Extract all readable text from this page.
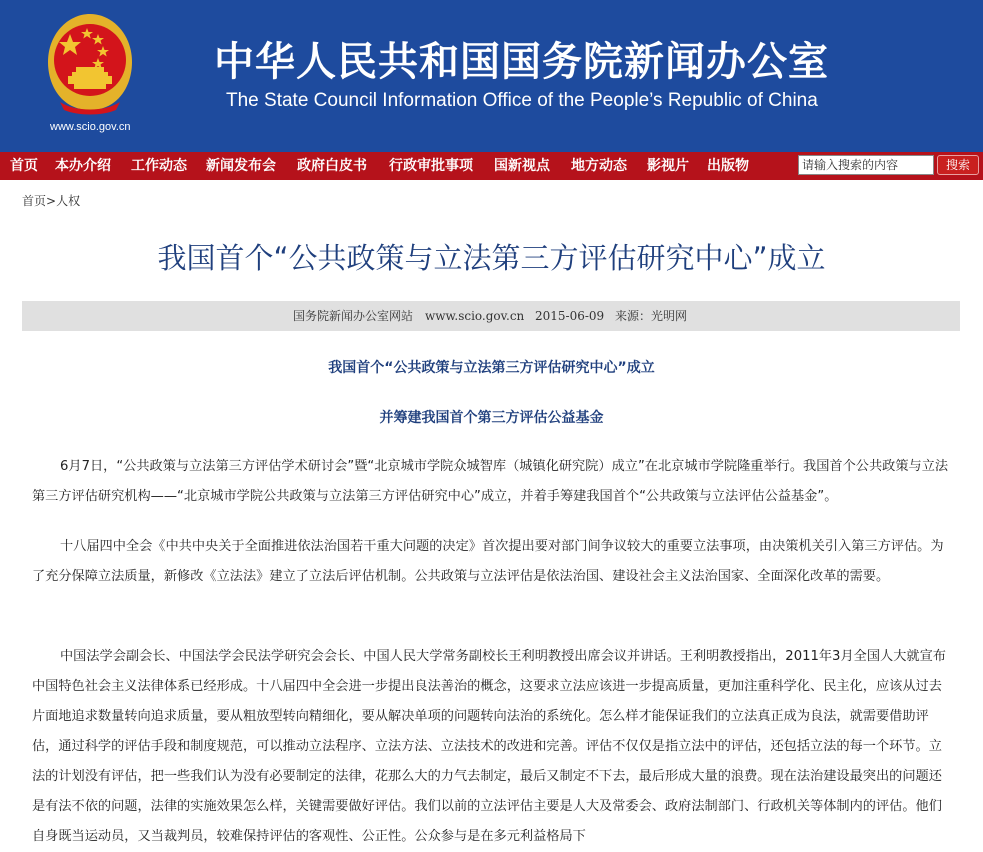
www.scio.gov.cn
中华人民共和国国务院新闻办公室
The State Council Information Office of the People’s Republic of China
首页 本办介绍 工作动态 新闻发布会 政府白皮书 行政审批事项 国新视点 地方动态 影视片 出版物	请输入搜索的内容	搜索
首页>人权
我国首个“公共政策与立法第三方评估研究中心”成立
国务院新闻办公室网站 www.scio.gov.cn 2015-06-09 来源：光明网
我国首个“公共政策与立法第三方评估研究中心”成立
并筹建我国首个第三方评估公益基金

6月7日，“公共政策与立法第三方评估学术研讨会”暨“北京城市学院众城智库（城镇化研究院）成立”在北京城市学院隆重举行。我国首个公共政策与立法第三方评估研究机构——“北京城市学院公共政策与立法第三方评估研究中心”成立，并着手筹建我国首个“公共政策与立法评估公益基金”。

十八届四中全会《中共中央关于全面推进依法治国若干重大问题的决定》首次提出要对部门间争议较大的重要立法事项，由决策机关引入第三方评估。为了充分保障立法质量，新修改《立法法》建立了立法后评估机制。公共政策与立法评估是依法治国、建设社会主义法治国家、全面深化改革的需要。

中国法学会副会长、中国法学会民法学研究会会长、中国人民大学常务副校长王利明教授出席会议并讲话。王利明教授指出，2011年3月全国人大就宣布中国特色社会主义法律体系已经形成。十八届四中全会进一步提出良法善治的概念，这要求立法应该进一步提高质量，更加注重科学化、民主化，应该从过去片面地追求数量转向追求质量，要从粗放型转向精细化，要从解决单项的问题转向法治的系统化。怎么样才能保证我们的立法真正成为良法，就需要借助评估，通过科学的评估手段和制度规范，可以推动立法程序、立法方法、立法技术的改进和完善。评估不仅仅是指立法中的评估，还包括立法的每一个环节。立法的计划没有评估，把一些我们认为没有必要制定的法律，花那么大的力气去制定，最后又制定不下去，最后形成大量的浪费。现在法治建设最突出的问题还是有法不依的问题，法律的实施效果怎么样，关键需要做好评估。我们以前的立法评估主要是人大及常委会、政府法制部门、行政机关等体制内的评估。他们自身既当运动员，又当裁判员，较难保持评估的客观性、公正性。公众参与是在多元利益格局下
